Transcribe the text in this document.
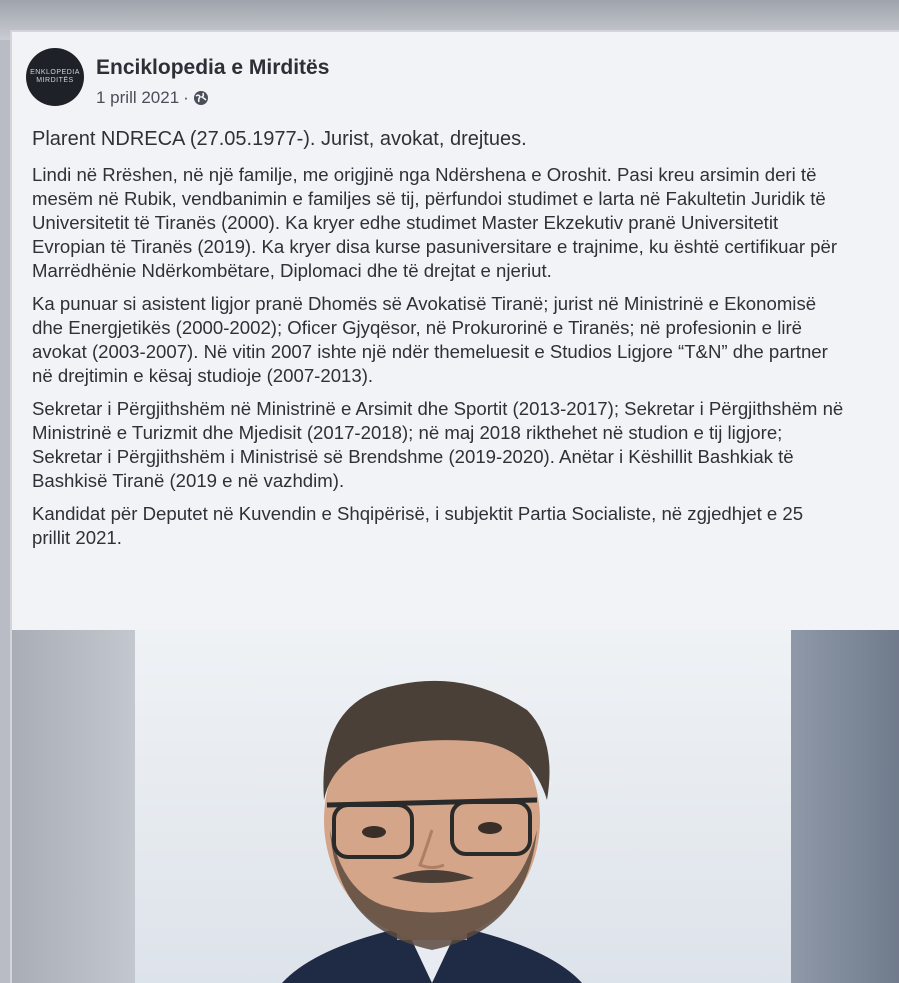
ENKLOPEDIA MIRDITËS
Enciklopedia e Mirditës
1 prill 2021 ·

Plarent NDRECA (27.05.1977-). Jurist, avokat, drejtues.

Lindi në Rrëshen, në një familje, me origjinë nga Ndërshena e Oroshit. Pasi kreu arsimin deri të
mesëm në Rubik, vendbanimin e familjes së tij, përfundoi studimet e larta në Fakultetin Juridik të
Universitetit të Tiranës (2000). Ka kryer edhe studimet Master Ekzekutiv pranë Universitetit
Evropian të Tiranës (2019). Ka kryer disa kurse pasuniversitare e trajnime, ku është certifikuar për
Marrëdhënie Ndërkombëtare, Diplomaci dhe të drejtat e njeriut.

Ka punuar si asistent ligjor pranë Dhomës së Avokatisë Tiranë; jurist në Ministrinë e Ekonomisë
dhe Energjetikës (2000-2002); Oficer Gjyqësor, në Prokurorinë e Tiranës; në profesionin e lirë
avokat (2003-2007). Në vitin 2007 ishte një ndër themeluesit e Studios Ligjore “T&N” dhe partner
në drejtimin e kësaj studioje (2007-2013).

Sekretar i Përgjithshëm në Ministrinë e Arsimit dhe Sportit (2013-2017); Sekretar i Përgjithshëm në
Ministrinë e Turizmit dhe Mjedisit (2017-2018); në maj 2018 rikthehet në studion e tij ligjore;
Sekretar i Përgjithshëm i Ministrisë së Brendshme (2019-2020). Anëtar i Këshillit Bashkiak të
Bashkisë Tiranë (2019 e në vazhdim).

Kandidat për Deputet në Kuvendin e Shqipërisë, i subjektit Partia Socialiste, në zgjedhjet e 25
prillit 2021.
